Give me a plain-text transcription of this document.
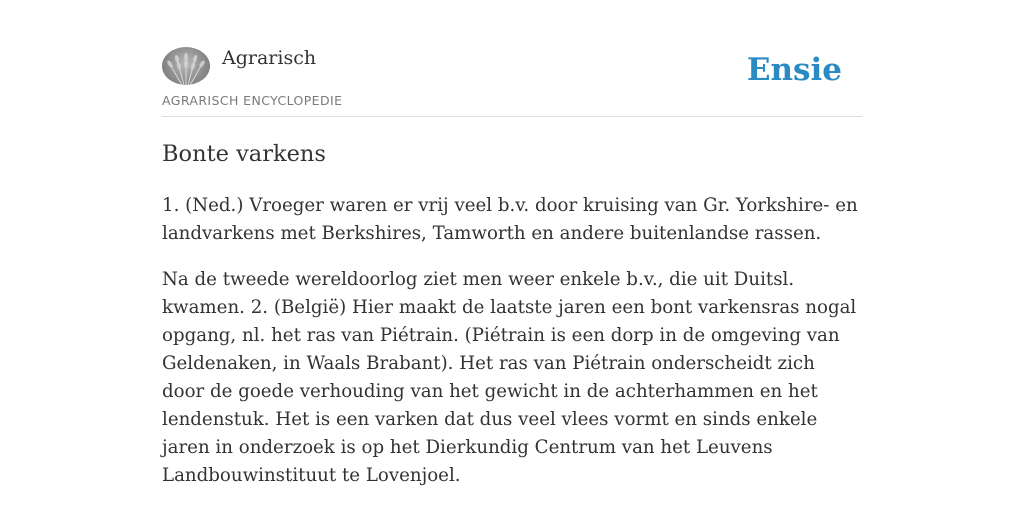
Agrarisch
AGRARISCH ENCYCLOPEDIE
Ensie
Bonte varkens

1. (Ned.) Vroeger waren er vrij veel b.v. door kruising van Gr. Yorkshire- en landvarkens met Berkshires, Tamworth en andere buitenlandse rassen.

Na de tweede wereldoorlog ziet men weer enkele b.v., die uit Duitsl. kwamen. 2. (België) Hier maakt de laatste jaren een bont varkensras nogal opgang, nl. het ras van Piétrain. (Piétrain is een dorp in de omgeving van Geldenaken, in Waals Brabant). Het ras van Piétrain onderscheidt zich door de goede verhouding van het gewicht in de achterhammen en het lendenstuk. Het is een varken dat dus veel vlees vormt en sinds enkele jaren in onderzoek is op het Dierkundig Centrum van het Leuvens Landbouwinstituut te Lovenjoel.
